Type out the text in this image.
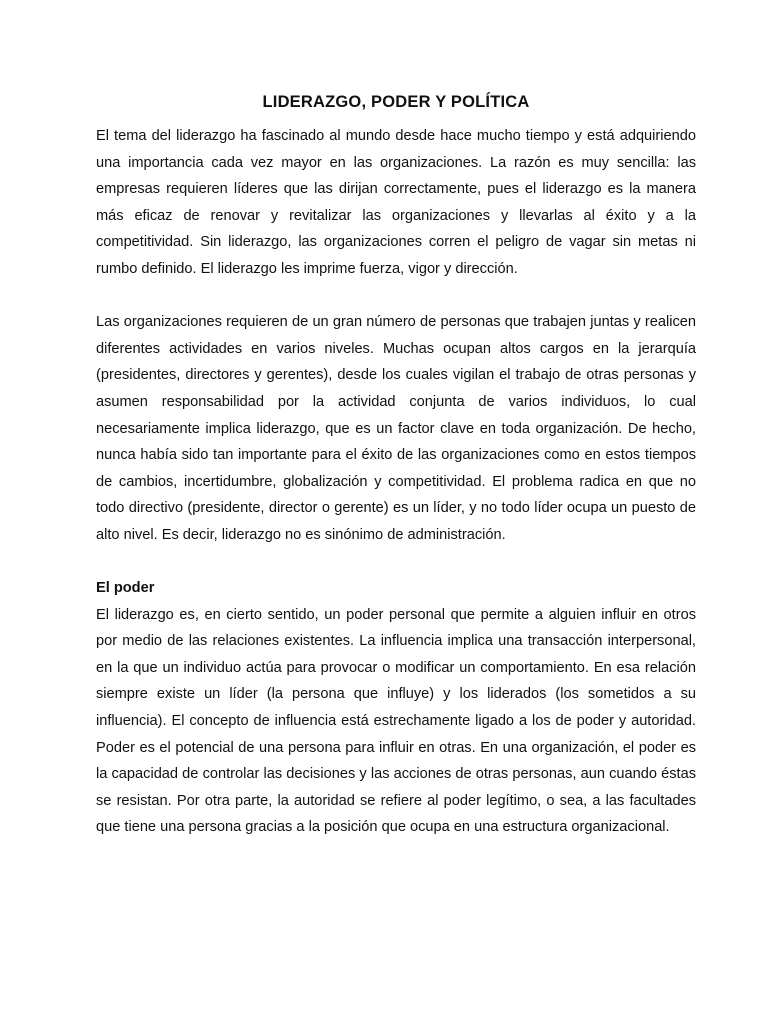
LIDERAZGO, PODER Y POLÍTICA

El tema del liderazgo ha fascinado al mundo desde hace mucho tiempo y está adquiriendo una importancia cada vez mayor en las organizaciones. La razón es muy sencilla: las empresas requieren líderes que las dirijan correctamente, pues el liderazgo es la manera más eficaz de renovar y revitalizar las organizaciones y llevarlas al éxito y a la competitividad. Sin liderazgo, las organizaciones corren el peligro de vagar sin metas ni rumbo definido. El liderazgo les imprime fuerza, vigor y dirección.

Las organizaciones requieren de un gran número de personas que trabajen juntas y realicen diferentes actividades en varios niveles. Muchas ocupan altos cargos en la jerarquía (presidentes, directores y gerentes), desde los cuales vigilan el trabajo de otras personas y asumen responsabilidad por la actividad conjunta de varios individuos, lo cual necesariamente implica liderazgo, que es un factor clave en toda organización. De hecho, nunca había sido tan importante para el éxito de las organizaciones como en estos tiempos de cambios, incertidumbre, globalización y competitividad. El problema radica en que no todo directivo (presidente, director o gerente) es un líder, y no todo líder ocupa un puesto de alto nivel. Es decir, liderazgo no es sinónimo de administración.

El poder

El liderazgo es, en cierto sentido, un poder personal que permite a alguien influir en otros por medio de las relaciones existentes. La influencia implica una transacción interpersonal, en la que un individuo actúa para provocar o modificar un comportamiento. En esa relación siempre existe un líder (la persona que influye) y los liderados (los sometidos a su influencia). El concepto de influencia está estrechamente ligado a los de poder y autoridad. Poder es el potencial de una persona para influir en otras. En una organización, el poder es la capacidad de controlar las decisiones y las acciones de otras personas, aun cuando éstas se resistan. Por otra parte, la autoridad se refiere al poder legítimo, o sea, a las facultades que tiene una persona gracias a la posición que ocupa en una estructura organizacional.
